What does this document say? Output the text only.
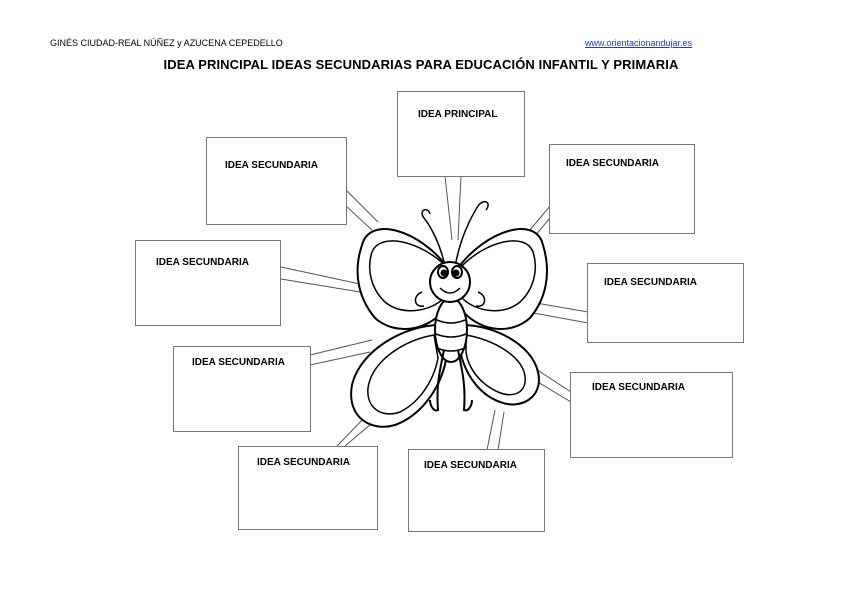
GINÉS CIUDAD-REAL NÚÑEZ y AZUCENA CEPEDELLO	www.orientacionandujar.es
IDEA PRINCIPAL IDEAS SECUNDARIAS PARA EDUCACIÓN INFANTIL Y PRIMARIA
IDEA PRINCIPAL
IDEA SECUNDARIA	IDEA SECUNDARIA
IDEA SECUNDARIA
IDEA SECUNDARIA
IDEA SECUNDARIA
IDEA SECUNDARIA
IDEA SECUNDARIA	IDEA SECUNDARIA
